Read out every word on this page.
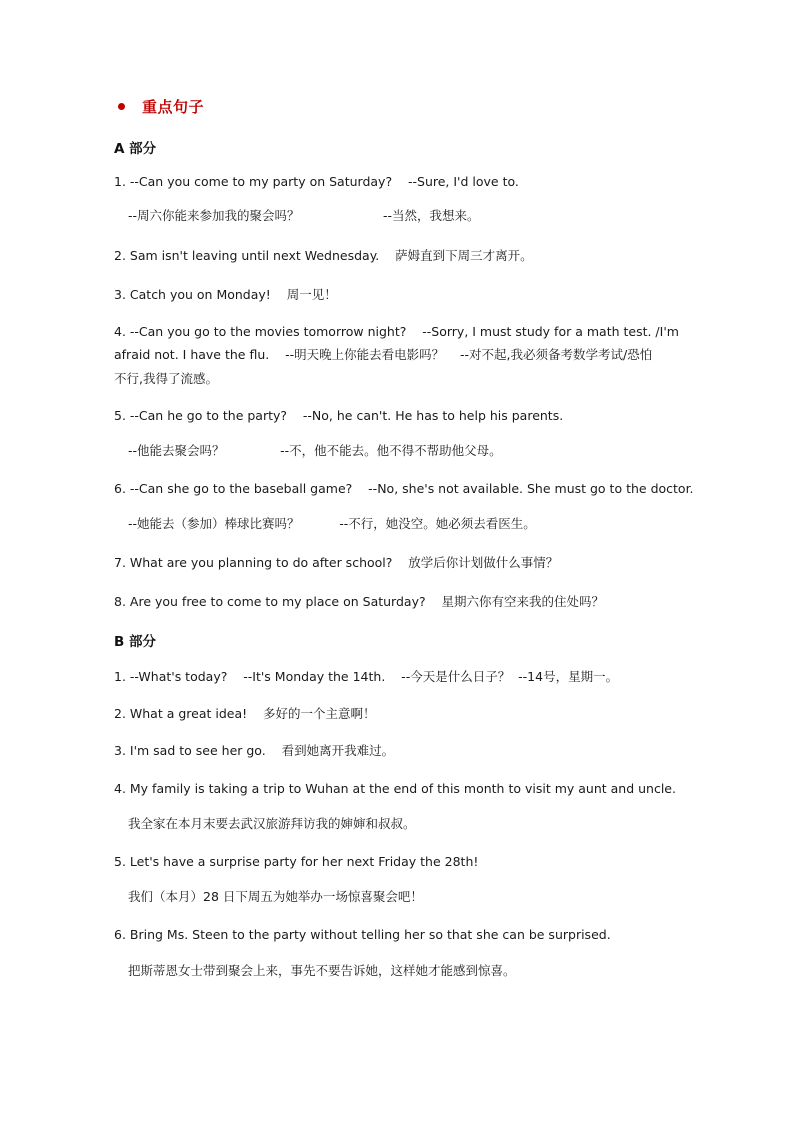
重点句子
A 部分
1. --Can you come to my party on Saturday?    --Sure, I'd love to.
--周六你能来参加我的聚会吗？                     --当然，我想来。
2. Sam isn't leaving until next Wednesday.    萨姆直到下周三才离开。
3. Catch you on Monday!    周一见！
4. --Can you go to the movies tomorrow night?    --Sorry, I must study for a math test. /I'm
afraid not. I have the flu.    --明天晚上你能去看电影吗？    --对不起,我必须备考数学考试/恐怕
不行,我得了流感。
5. --Can he go to the party?    --No, he can't. He has to help his parents.
--他能去聚会吗？              --不，他不能去。他不得不帮助他父母。
6. --Can she go to the baseball game?    --No, she's not available. She must go to the doctor.
--她能去（参加）棒球比赛吗？          --不行，她没空。她必须去看医生。
7. What are you planning to do after school?    放学后你计划做什么事情？
8. Are you free to come to my place on Saturday?    星期六你有空来我的住处吗？
B 部分
1. --What's today?    --It's Monday the 14th.    --今天是什么日子？  --14号，星期一。
2. What a great idea!    多好的一个主意啊！
3. I'm sad to see her go.    看到她离开我难过。
4. My family is taking a trip to Wuhan at the end of this month to visit my aunt and uncle.
我全家在本月末要去武汉旅游拜访我的婶婶和叔叔。
5. Let's have a surprise party for her next Friday the 28th!
我们（本月）28 日下周五为她举办一场惊喜聚会吧！
6. Bring Ms. Steen to the party without telling her so that she can be surprised.
把斯蒂恩女士带到聚会上来，事先不要告诉她，这样她才能感到惊喜。
